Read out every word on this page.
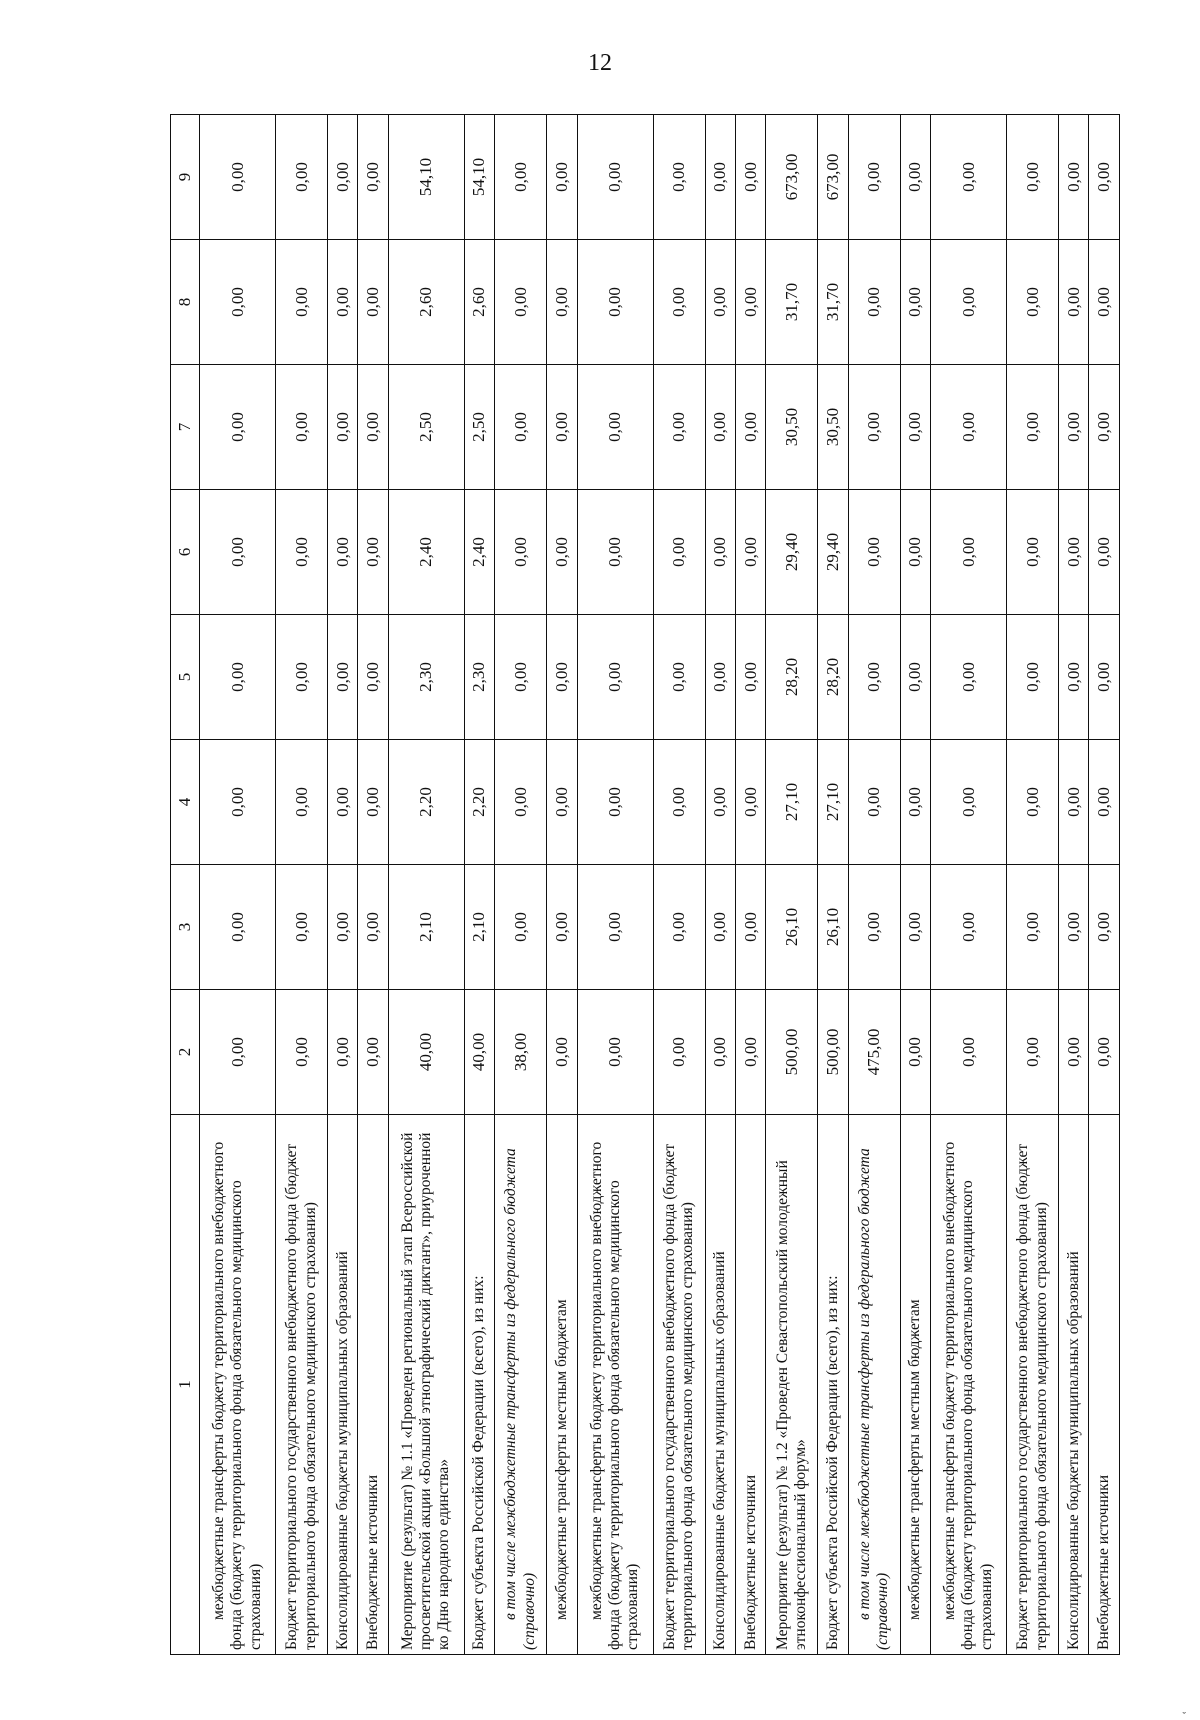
12
1	2	3	4	5	6	7	8	9
межбюджетные трансферты бюджету территориального внебюджетного фонда (бюджету территориального фонда обязательного медицинского страхования)	0,00	0,00	0,00	0,00	0,00	0,00	0,00	0,00
Бюджет территориального государственного внебюджетного фонда (бюджет территориального фонда обязательного медицинского страхования)	0,00	0,00	0,00	0,00	0,00	0,00	0,00	0,00
Консолидированные бюджеты муниципальных образований	0,00	0,00	0,00	0,00	0,00	0,00	0,00	0,00
Внебюджетные источники	0,00	0,00	0,00	0,00	0,00	0,00	0,00	0,00
Мероприятие (результат) № 1.1 «Проведен региональный этап Всероссийской просветительской акции «Большой этнографический диктант», приуроченной ко Дню народного единства»	40,00	2,10	2,20	2,30	2,40	2,50	2,60	54,10
Бюджет субъекта Российской Федерации (всего), из них:	40,00	2,10	2,20	2,30	2,40	2,50	2,60	54,10
в том числе межбюджетные трансферты из федерального бюджета (справочно)	38,00	0,00	0,00	0,00	0,00	0,00	0,00	0,00
межбюджетные трансферты местным бюджетам	0,00	0,00	0,00	0,00	0,00	0,00	0,00	0,00
межбюджетные трансферты бюджету территориального внебюджетного фонда (бюджету территориального фонда обязательного медицинского страхования)	0,00	0,00	0,00	0,00	0,00	0,00	0,00	0,00
Бюджет территориального государственного внебюджетного фонда (бюджет территориального фонда обязательного медицинского страхования)	0,00	0,00	0,00	0,00	0,00	0,00	0,00	0,00
Консолидированные бюджеты муниципальных образований	0,00	0,00	0,00	0,00	0,00	0,00	0,00	0,00
Внебюджетные источники	0,00	0,00	0,00	0,00	0,00	0,00	0,00	0,00
Мероприятие (результат) № 1.2 «Проведен Севастопольский молодежный этноконфессиональный форум»	500,00	26,10	27,10	28,20	29,40	30,50	31,70	673,00
Бюджет субъекта Российской Федерации (всего), из них:	500,00	26,10	27,10	28,20	29,40	30,50	31,70	673,00
в том числе межбюджетные трансферты из федерального бюджета (справочно)	475,00	0,00	0,00	0,00	0,00	0,00	0,00	0,00
межбюджетные трансферты местным бюджетам	0,00	0,00	0,00	0,00	0,00	0,00	0,00	0,00
межбюджетные трансферты бюджету территориального внебюджетного фонда (бюджету территориального фонда обязательного медицинского страхования)	0,00	0,00	0,00	0,00	0,00	0,00	0,00	0,00
Бюджет территориального государственного внебюджетного фонда (бюджет территориального фонда обязательного медицинского страхования)	0,00	0,00	0,00	0,00	0,00	0,00	0,00	0,00
Консолидированные бюджеты муниципальных образований	0,00	0,00	0,00	0,00	0,00	0,00	0,00	0,00
Внебюджетные источники	0,00	0,00	0,00	0,00	0,00	0,00	0,00	0,00
ˬ
